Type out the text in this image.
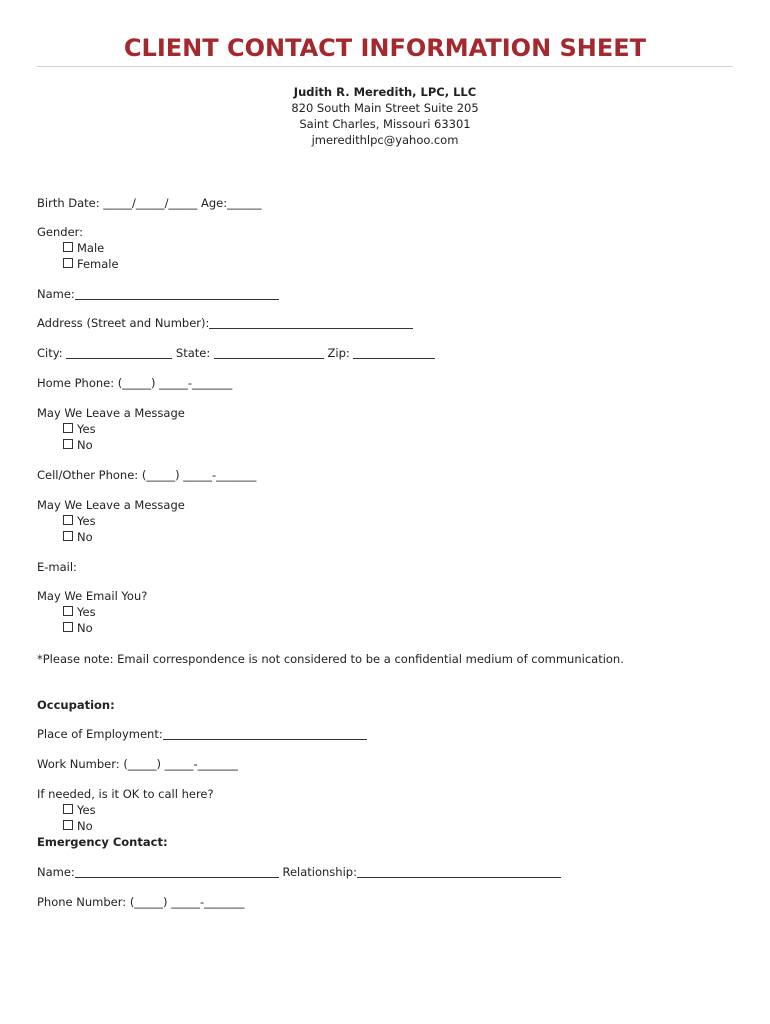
CLIENT CONTACT INFORMATION SHEET
Judith R. Meredith, LPC, LLC
820 South Main Street Suite 205
Saint Charles, Missouri 63301
jmeredithlpc@yahoo.com
Birth Date: _____/_____/_____ Age:______
Gender:
Male
Female
Name:
Address (Street and Number):
City:	State:	Zip:
Home Phone: (_____) _____-_______
May We Leave a Message
Yes
No
Cell/Other Phone: (_____) _____-_______
May We Leave a Message
Yes
No
E-mail:
May We Email You?
Yes
No
*Please note: Email correspondence is not considered to be a confidential medium of communication.
Occupation:
Place of Employment:
Work Number: (_____) _____-_______
If needed, is it OK to call here?
Yes
No
Emergency Contact:
Name:	Relationship:
Phone Number: (_____) _____-_______
